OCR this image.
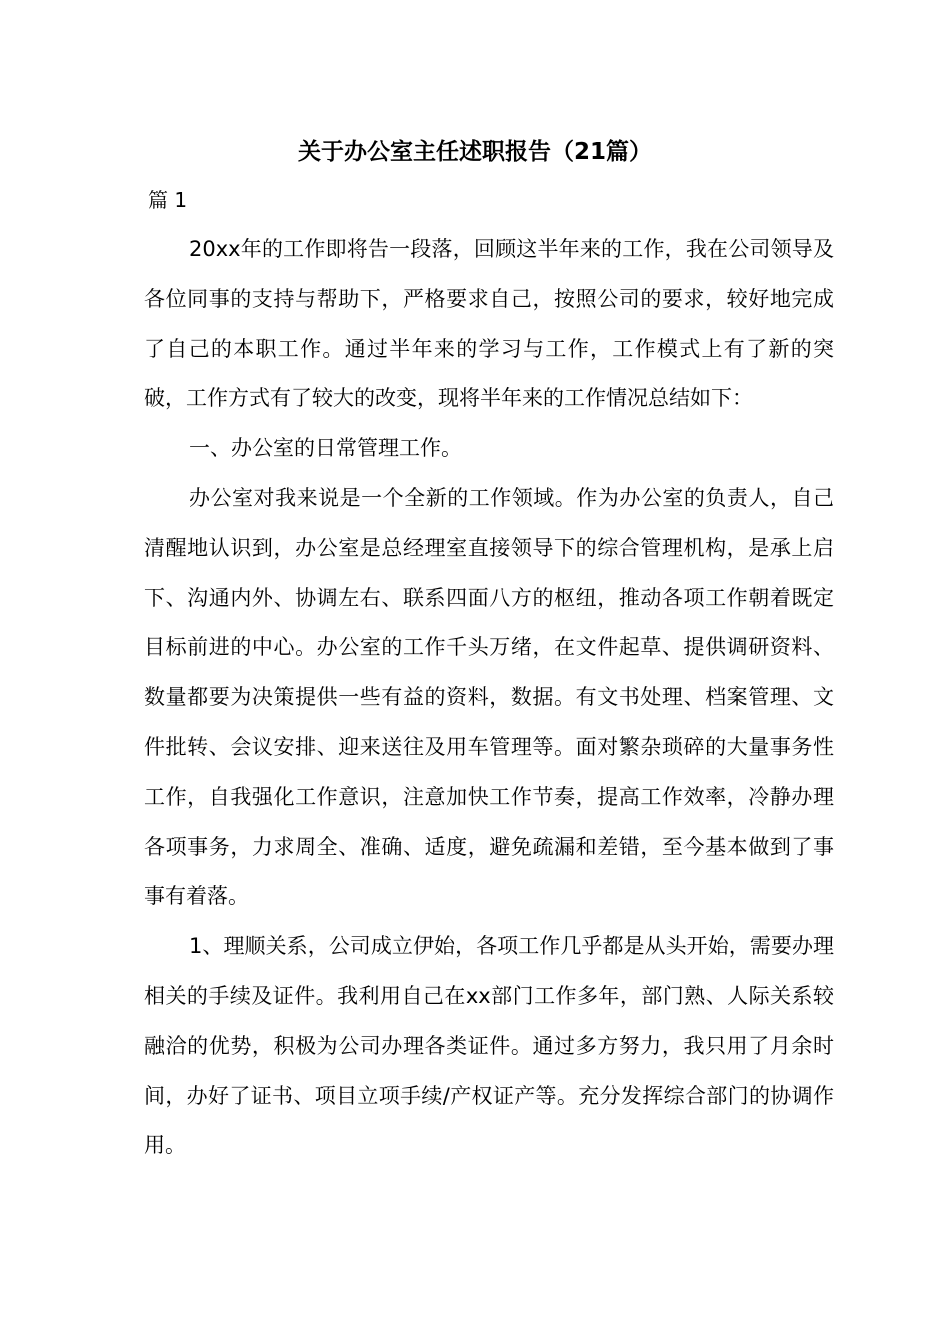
关于办公室主任述职报告（21篇）
篇 1

20xx年的工作即将告一段落，回顾这半年来的工作，我在公司领导及各位同事的支持与帮助下，严格要求自己，按照公司的要求，较好地完成了自己的本职工作。通过半年来的学习与工作，工作模式上有了新的突破，工作方式有了较大的改变，现将半年来的工作情况总结如下：

一、办公室的日常管理工作。

办公室对我来说是一个全新的工作领域。作为办公室的负责人，自己清醒地认识到，办公室是总经理室直接领导下的综合管理机构，是承上启下、沟通内外、协调左右、联系四面八方的枢纽，推动各项工作朝着既定目标前进的中心。办公室的工作千头万绪，在文件起草、提供调研资料、数量都要为决策提供一些有益的资料，数据。有文书处理、档案管理、文件批转、会议安排、迎来送往及用车管理等。面对繁杂琐碎的大量事务性工作，自我强化工作意识，注意加快工作节奏，提高工作效率，冷静办理各项事务，力求周全、准确、适度，避免疏漏和差错，至今基本做到了事事有着落。

1、理顺关系，公司成立伊始，各项工作几乎都是从头开始，需要办理相关的手续及证件。我利用自己在xx部门工作多年，部门熟、人际关系较融洽的优势，积极为公司办理各类证件。通过多方努力，我只用了月余时间，办好了证书、项目立项手续/产权证产等。充分发挥综合部门的协调作用。
